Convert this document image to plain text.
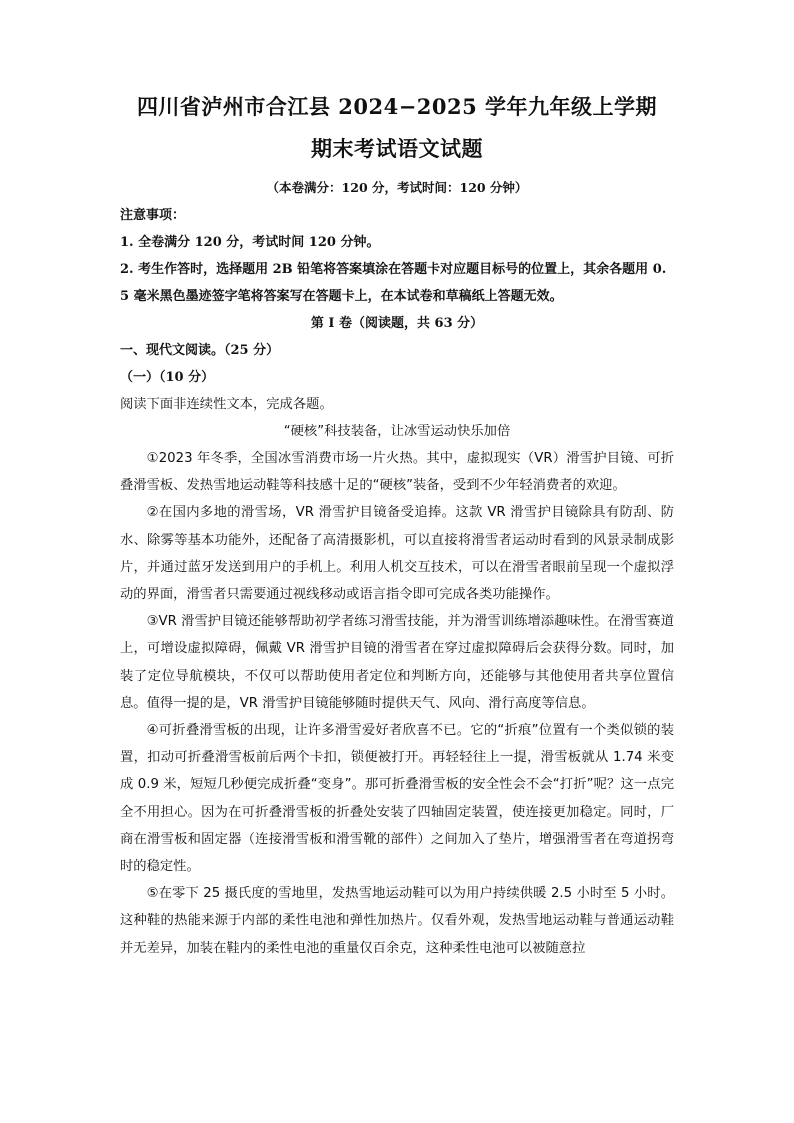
四川省泸州市合江县 2024−2025 学年九年级上学期
期末考试语文试题
（本卷满分：120 分，考试时间：120 分钟）

注意事项：

1. 全卷满分 120 分，考试时间 120 分钟。

2. 考生作答时，选择题用 2B 铅笔将答案填涂在答题卡对应题目标号的位置上，其余各题用 0. 5 毫米黑色墨迹签字笔将答案写在答题卡上，在本试卷和草稿纸上答题无效。

第 I 卷（阅读题，共 63 分）

一、现代文阅读。（25 分）

（一）（10 分）

阅读下面非连续性文本，完成各题。

“硬核”科技装备，让冰雪运动快乐加倍

①2023 年冬季，全国冰雪消费市场一片火热。其中，虚拟现实（VR）滑雪护目镜、可折叠滑雪板、发热雪地运动鞋等科技感十足的“硬核”装备，受到不少年轻消费者的欢迎。

②在国内多地的滑雪场，VR 滑雪护目镜备受追捧。这款 VR 滑雪护目镜除具有防刮、防水、除雾等基本功能外，还配备了高清摄影机，可以直接将滑雪者运动时看到的风景录制成影片，并通过蓝牙发送到用户的手机上。利用人机交互技术，可以在滑雪者眼前呈现一个虚拟浮动的界面，滑雪者只需要通过视线移动或语言指令即可完成各类功能操作。

③VR 滑雪护目镜还能够帮助初学者练习滑雪技能，并为滑雪训练增添趣味性。在滑雪赛道上，可增设虚拟障碍，佩戴 VR 滑雪护目镜的滑雪者在穿过虚拟障碍后会获得分数。同时，加装了定位导航模块，不仅可以帮助使用者定位和判断方向，还能够与其他使用者共享位置信息。值得一提的是，VR 滑雪护目镜能够随时提供天气、风向、滑行高度等信息。

④可折叠滑雪板的出现，让许多滑雪爱好者欣喜不已。它的“折痕”位置有一个类似锁的装置，扣动可折叠滑雪板前后两个卡扣，锁便被打开。再轻轻往上一提，滑雪板就从 1.74 米变成 0.9 米，短短几秒便完成折叠“变身”。那可折叠滑雪板的安全性会不会“打折”呢？这一点完全不用担心。因为在可折叠滑雪板的折叠处安装了四轴固定装置，使连接更加稳定。同时，厂商在滑雪板和固定器（连接滑雪板和滑雪靴的部件）之间加入了垫片，增强滑雪者在弯道拐弯时的稳定性。

⑤在零下 25 摄氏度的雪地里，发热雪地运动鞋可以为用户持续供暖 2.5 小时至 5 小时。这种鞋的热能来源于内部的柔性电池和弹性加热片。仅看外观，发热雪地运动鞋与普通运动鞋并无差异，加装在鞋内的柔性电池的重量仅百余克，这种柔性电池可以被随意拉
